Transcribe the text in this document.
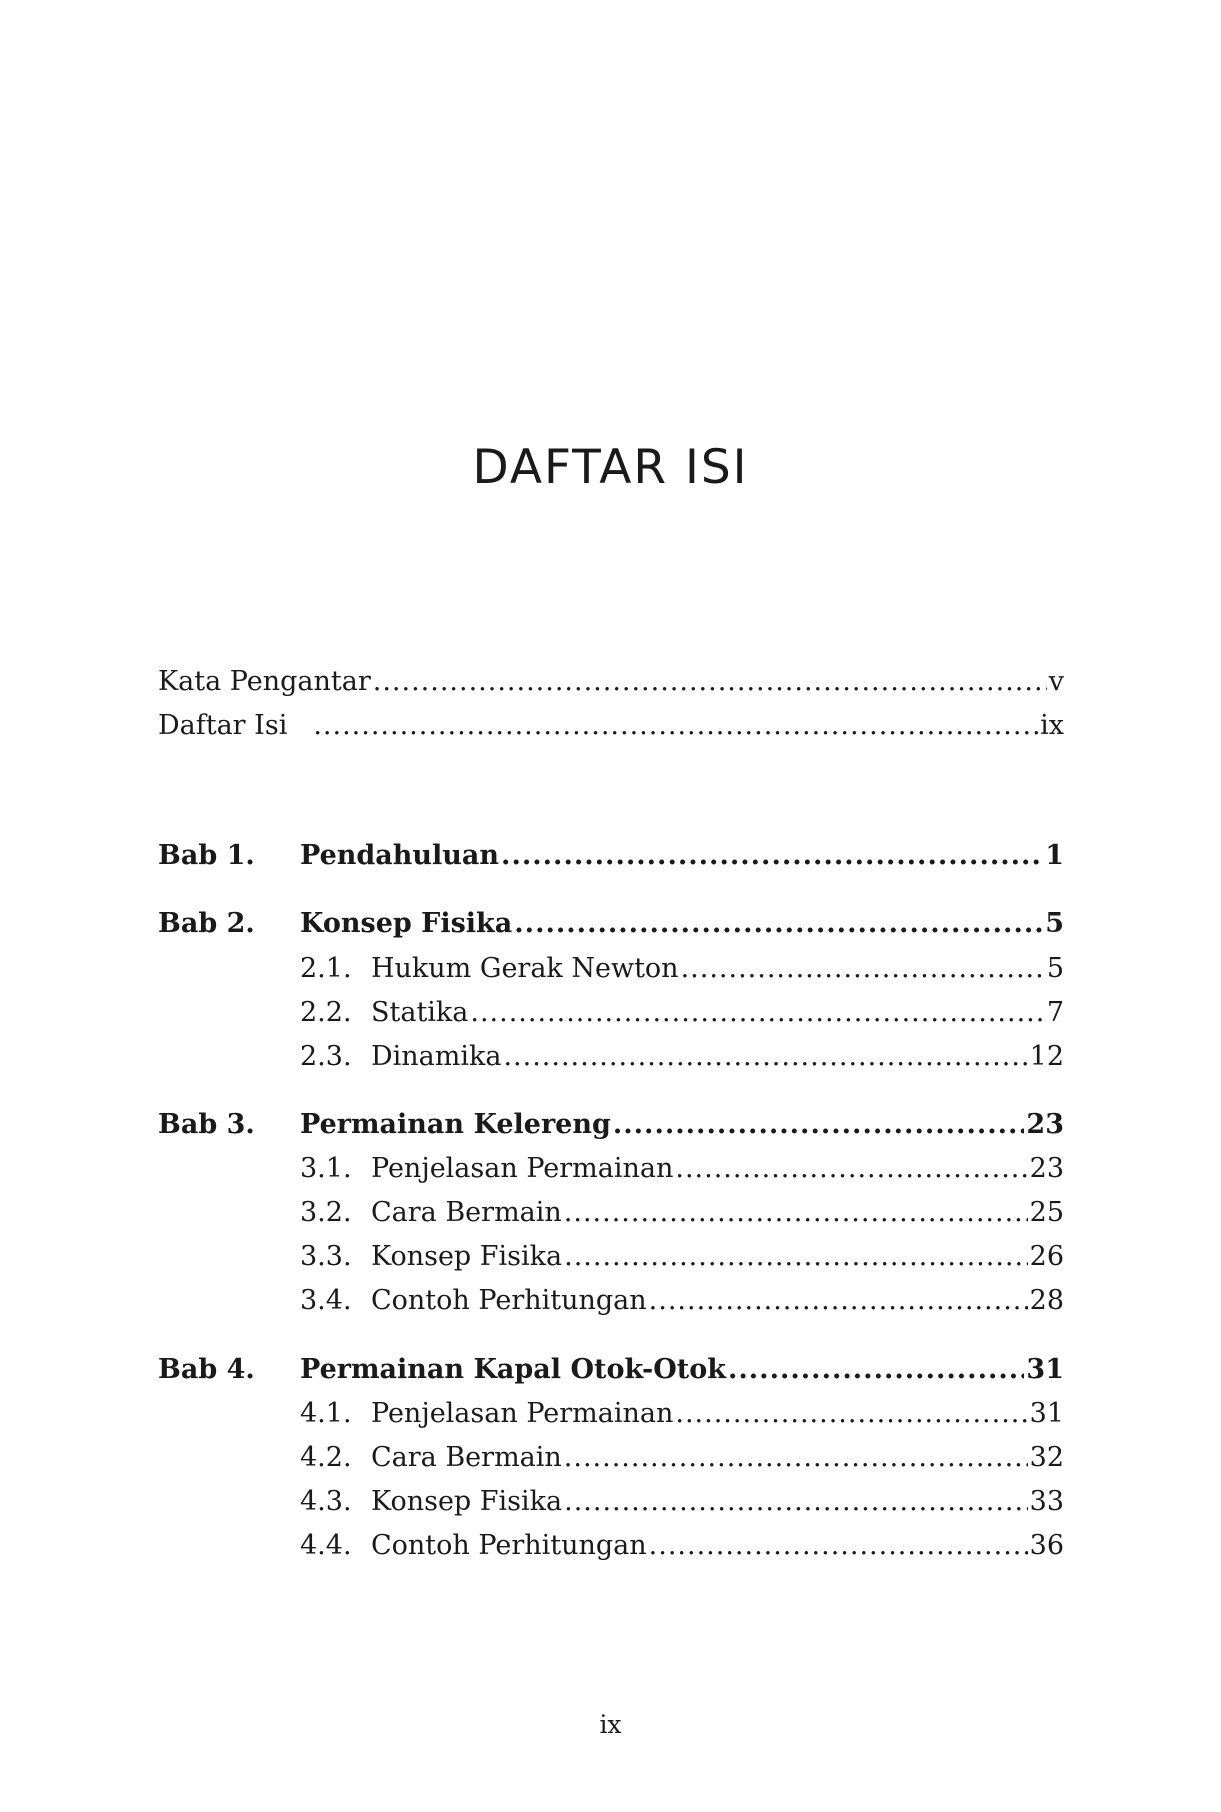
DAFTAR ISI
Kata Pengantar .....	v
Daftar Isi .....	ix
Bab 1.	Pendahuluan .....	1
Bab 2.	Konsep Fisika .....	5
2.1. Hukum Gerak Newton .....	5
2.2. Statika .....	7
2.3. Dinamika .....	12
Bab 3.	Permainan Kelereng .....	23
3.1. Penjelasan Permainan .....	23
3.2. Cara Bermain .....	25
3.3. Konsep Fisika .....	26
3.4. Contoh Perhitungan .....	28
Bab 4.	Permainan Kapal Otok-Otok .....	31
4.1. Penjelasan Permainan .....	31
4.2. Cara Bermain .....	32
4.3. Konsep Fisika .....	33
4.4. Contoh Perhitungan .....	36
ix
